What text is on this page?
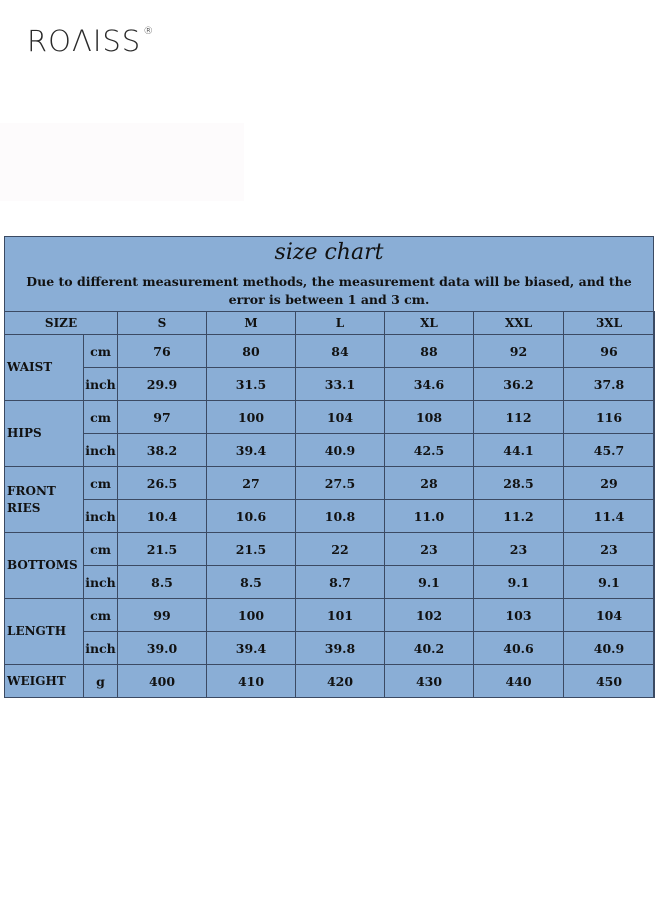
ROΛISS ®
size chart
Due to different measurement methods, the measurement data will be biased, and the error is between 1 and 3 cm.
SIZE		S	M	L	XL	XXL	3XL

WAIST	cm	76	80	84	88	92	96
	inch	29.9	31.5	33.1	34.6	36.2	37.8

HIPS	cm	97	100	104	108	112	116
	inch	38.2	39.4	40.9	42.5	44.1	45.7

FRONT
RIES	cm	26.5	27	27.5	28	28.5	29
	inch	10.4	10.6	10.8	11.0	11.2	11.4

BOTTOMS	cm	21.5	21.5	22	23	23	23
	inch	8.5	8.5	8.7	9.1	9.1	9.1

LENGTH	cm	99	100	101	102	103	104
	inch	39.0	39.4	39.8	40.2	40.6	40.9

WEIGHT	g	400	410	420	430	440	450
